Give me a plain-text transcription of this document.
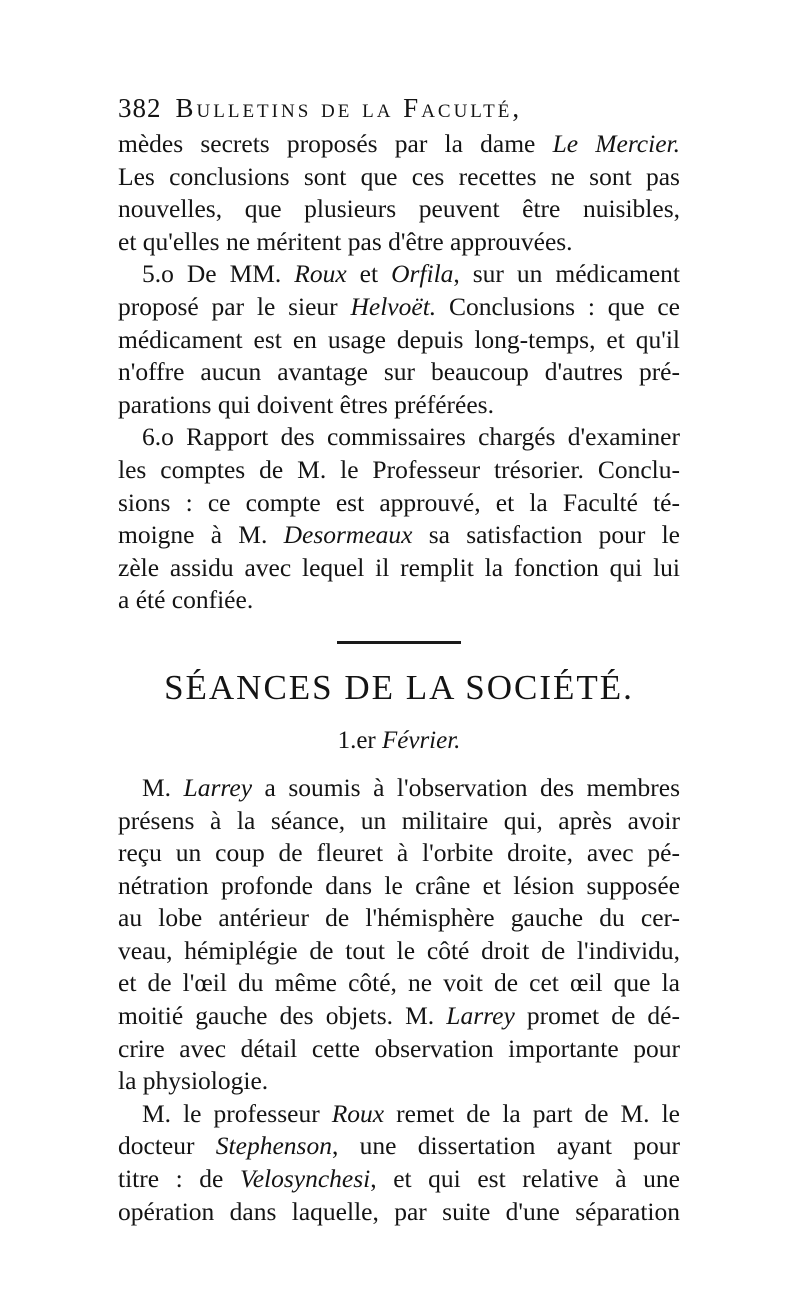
382 Bulletins de la Faculté,

mèdes secrets proposés par la dame Le Mercier.
Les conclusions sont que ces recettes ne sont pas
nouvelles, que plusieurs peuvent être nuisibles,
et qu'elles ne méritent pas d'être approuvées.

5.o De MM. Roux et Orfila, sur un médicament
proposé par le sieur Helvoët. Conclusions : que ce
médicament est en usage depuis long-temps, et qu'il
n'offre aucun avantage sur beaucoup d'autres pré-
parations qui doivent êtres préférées.

6.o Rapport des commissaires chargés d'examiner
les comptes de M. le Professeur trésorier. Conclu-
sions : ce compte est approuvé, et la Faculté té-
moigne à M. Desormeaux sa satisfaction pour le
zèle assidu avec lequel il remplit la fonction qui lui
a été confiée.

SÉANCES DE LA SOCIÉTÉ.
1.er Février.

M. Larrey a soumis à l'observation des membres
présens à la séance, un militaire qui, après avoir
reçu un coup de fleuret à l'orbite droite, avec pé-
nétration profonde dans le crâne et lésion supposée
au lobe antérieur de l'hémisphère gauche du cer-
veau, hémiplégie de tout le côté droit de l'individu,
et de l'œil du même côté, ne voit de cet œil que la
moitié gauche des objets. M. Larrey promet de dé-
crire avec détail cette observation importante pour
la physiologie.

M. le professeur Roux remet de la part de M. le
docteur Stephenson, une dissertation ayant pour
titre : de Velosynchesi, et qui est relative à une
opération dans laquelle, par suite d'une séparation
